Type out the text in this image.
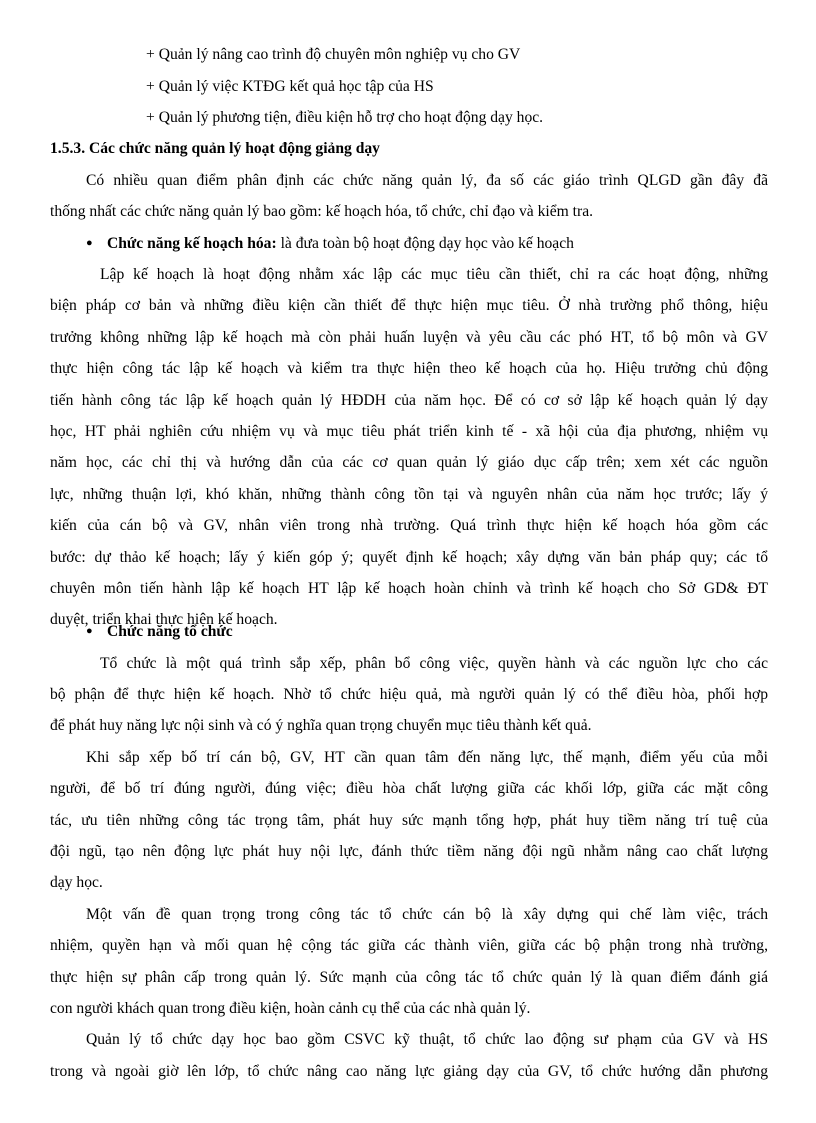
+ Quản lý nâng cao trình độ chuyên môn nghiệp vụ cho GV
+ Quản lý việc KTĐG kết quả học tập của HS
+ Quản lý phương tiện, điều kiện hỗ trợ cho hoạt động dạy học.
1.5.3. Các chức năng quản lý hoạt động giảng dạy
Có nhiều quan điểm phân định các chức năng quản lý, đa số các giáo trình QLGD gần đây đã
thống nhất các chức năng quản lý bao gồm: kế hoạch hóa, tổ chức, chỉ đạo và kiểm tra.
● Chức năng kế hoạch hóa: là đưa toàn bộ hoạt động dạy học vào kế hoạch
Lập kế hoạch là hoạt động nhằm xác lập các mục tiêu cần thiết, chỉ ra các hoạt động, những
biện pháp cơ bản và những điều kiện cần thiết để thực hiện mục tiêu. Ở nhà trường phổ thông, hiệu
trưởng không những lập kế hoạch mà còn phải huấn luyện và yêu cầu các phó HT, tổ bộ môn và GV
thực hiện công tác lập kế hoạch và kiểm tra thực hiện theo kế hoạch của họ. Hiệu trưởng chủ động
tiến hành công tác lập kế hoạch quản lý HĐDH của năm học. Để có cơ sở lập kế hoạch quản lý dạy
học, HT phải nghiên cứu nhiệm vụ và mục tiêu phát triển kinh tế - xã hội của địa phương, nhiệm vụ
năm học, các chỉ thị và hướng dẫn của các cơ quan quản lý giáo dục cấp trên; xem xét các nguồn
lực, những thuận lợi, khó khăn, những thành công tồn tại và nguyên nhân của năm học trước; lấy ý
kiến của cán bộ và GV, nhân viên trong nhà trường. Quá trình thực hiện kế hoạch hóa gồm các
bước: dự thảo kế hoạch; lấy ý kiến góp ý; quyết định kế hoạch; xây dựng văn bản pháp quy; các tổ
chuyên môn tiến hành lập kế hoạch HT lập kế hoạch hoàn chỉnh và trình kế hoạch cho Sở GD& ĐT
duyệt, triển khai thực hiện kế hoạch.
● Chức năng tổ chức
Tổ chức là một quá trình sắp xếp, phân bổ công việc, quyền hành và các nguồn lực cho các
bộ phận để thực hiện kế hoạch. Nhờ tổ chức hiệu quả, mà người quản lý có thể điều hòa, phối hợp
để phát huy năng lực nội sinh và có ý nghĩa quan trọng chuyển mục tiêu thành kết quả.
Khi sắp xếp bố trí cán bộ, GV, HT cần quan tâm đến năng lực, thế mạnh, điểm yếu của mỗi
người, để bố trí đúng người, đúng việc; điều hòa chất lượng giữa các khối lớp, giữa các mặt công
tác, ưu tiên những công tác trọng tâm, phát huy sức mạnh tổng hợp, phát huy tiềm năng trí tuệ của
đội ngũ, tạo nên động lực phát huy nội lực, đánh thức tiềm năng đội ngũ nhằm nâng cao chất lượng
dạy học.
Một vấn đề quan trọng trong công tác tổ chức cán bộ là xây dựng qui chế làm việc, trách
nhiệm, quyền hạn và mối quan hệ cộng tác giữa các thành viên, giữa các bộ phận trong nhà trường,
thực hiện sự phân cấp trong quản lý. Sức mạnh của công tác tổ chức quản lý là quan điểm đánh giá
con người khách quan trong điều kiện, hoàn cảnh cụ thể của các nhà quản lý.
Quản lý tổ chức dạy học bao gồm CSVC kỹ thuật, tổ chức lao động sư phạm của GV và HS
trong và ngoài giờ lên lớp, tổ chức nâng cao năng lực giảng dạy của GV, tổ chức hướng dẫn phương
